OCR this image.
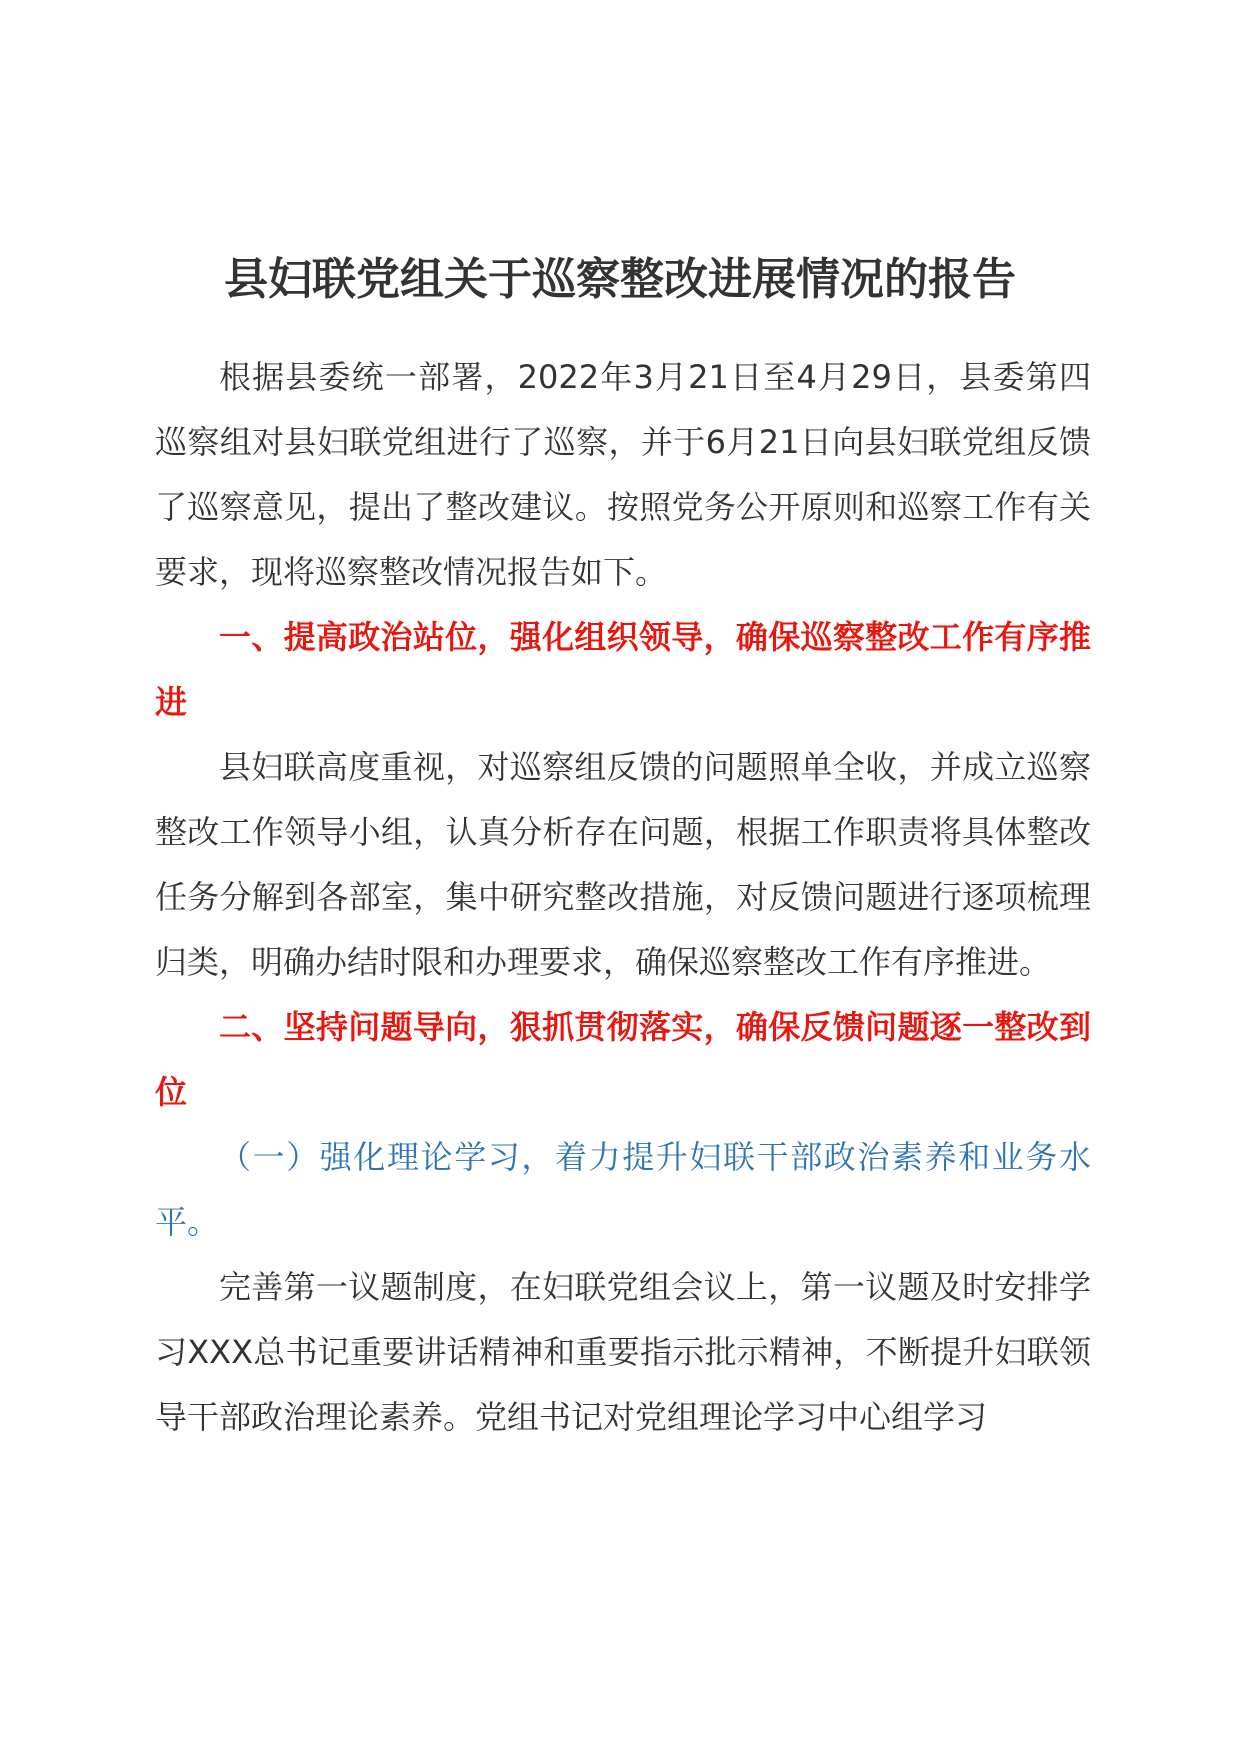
县妇联党组关于巡察整改进展情况的报告

根据县委统一部署，2022年3月21日至4月29日，县委第四巡察组对县妇联党组进行了巡察，并于6月21日向县妇联党组反馈了巡察意见，提出了整改建议。按照党务公开原则和巡察工作有关要求，现将巡察整改情况报告如下。

一、提高政治站位，强化组织领导，确保巡察整改工作有序推进

县妇联高度重视，对巡察组反馈的问题照单全收，并成立巡察整改工作领导小组，认真分析存在问题，根据工作职责将具体整改任务分解到各部室，集中研究整改措施，对反馈问题进行逐项梳理归类，明确办结时限和办理要求，确保巡察整改工作有序推进。

二、坚持问题导向，狠抓贯彻落实，确保反馈问题逐一整改到位

（一）强化理论学习，着力提升妇联干部政治素养和业务水平。

完善第一议题制度，在妇联党组会议上，第一议题及时安排学习XXX总书记重要讲话精神和重要指示批示精神，不断提升妇联领导干部政治理论素养。党组书记对党组理论学习中心组学习
